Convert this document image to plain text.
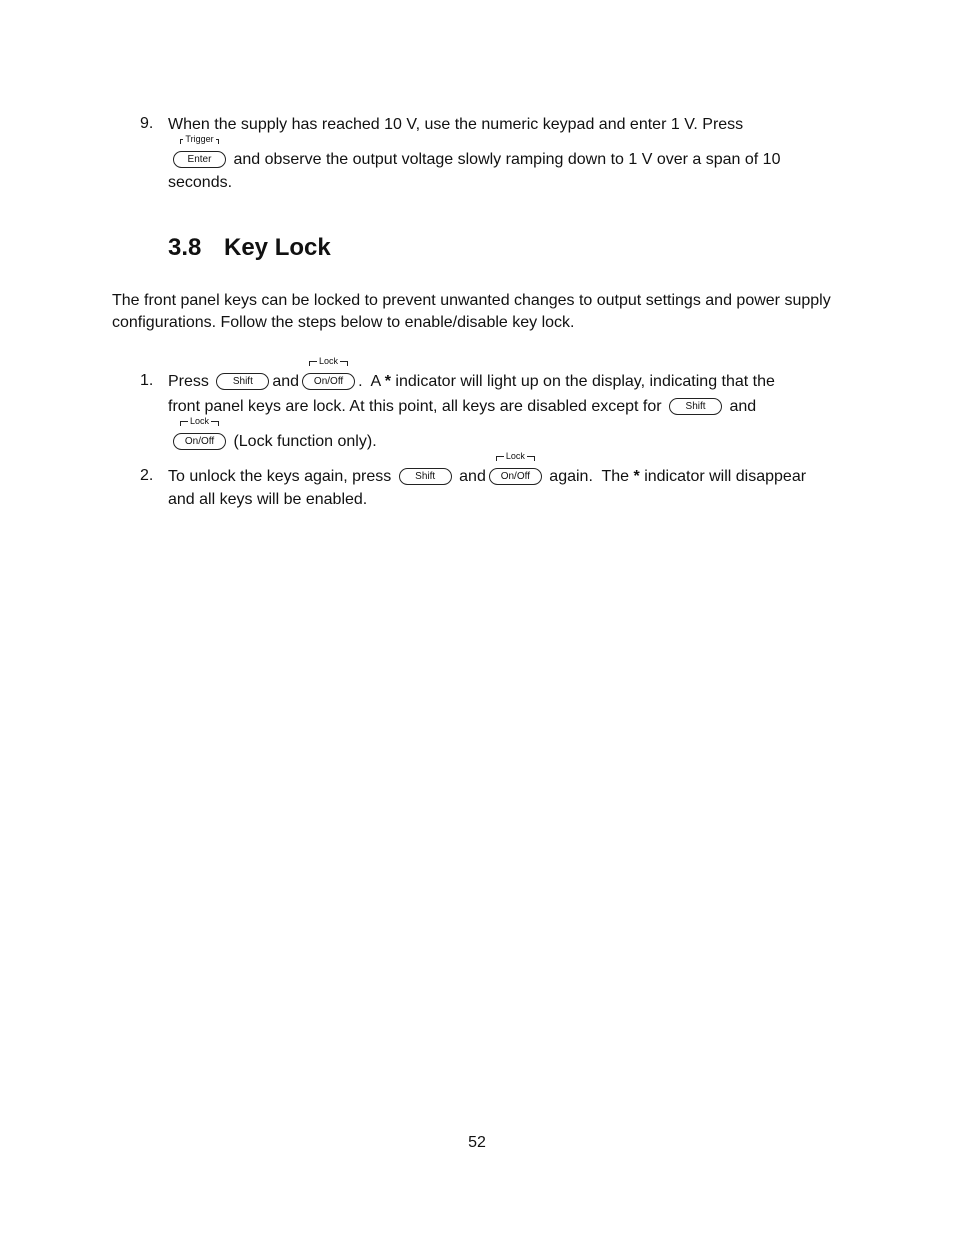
9. When the supply has reached 10 V, use the numeric keypad and enter 1 V. Press
Trigger
Enter and observe the output voltage slowly ramping down to 1 V over a span of 10
seconds.
3.8 Key Lock

The front panel keys can be locked to prevent unwanted changes to output settings and power supply configurations. Follow the steps below to enable/disable key lock.

1. Press Shift and
Lock
On/Off .  A * indicator will light up on the display, indicating that the
front panel keys are lock. At this point, all keys are disabled except for Shift and
Lock
On/Off (Lock function only).
2. To unlock the keys again, press Shift and
Lock
On/Off again.  The * indicator will disappear
and all keys will be enabled.
52
